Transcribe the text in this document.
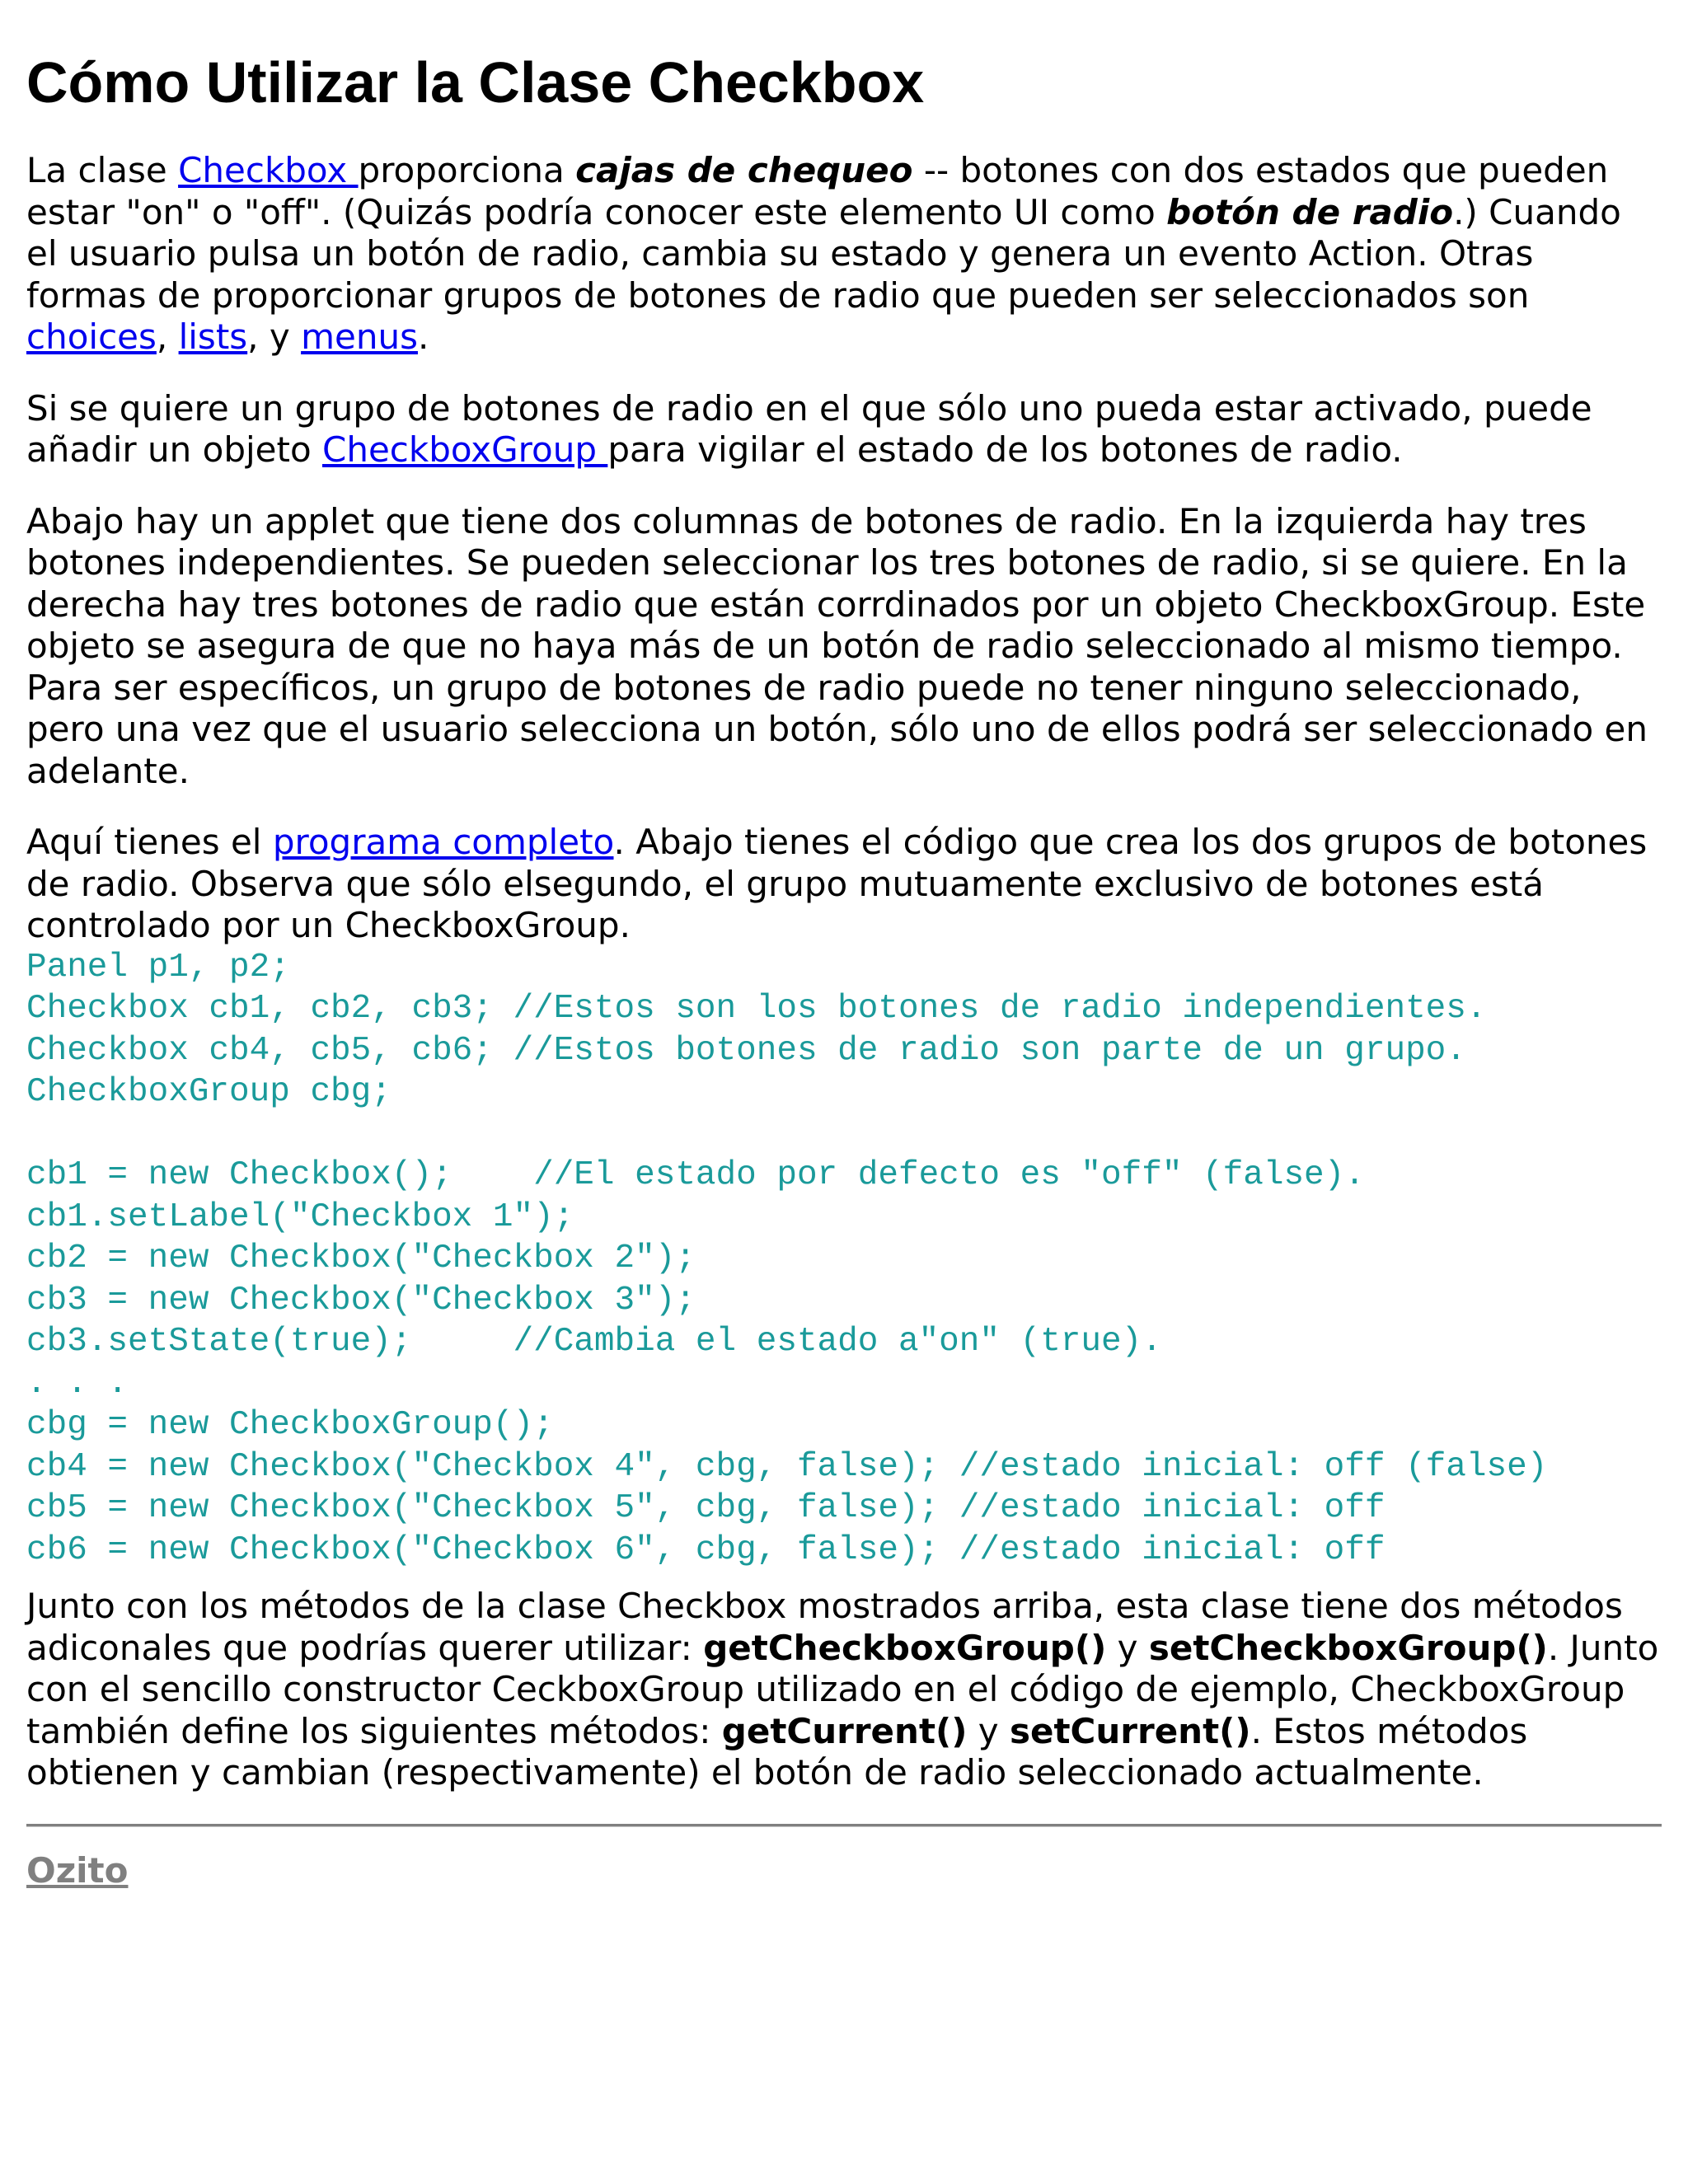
Cómo Utilizar la Clase Checkbox

La clase Checkbox proporciona cajas de chequeo -- botones con dos estados que pueden estar "on" o "off". (Quizás podría conocer este elemento UI como botón de radio.) Cuando el usuario pulsa un botón de radio, cambia su estado y genera un evento Action. Otras formas de proporcionar grupos de botones de radio que pueden ser seleccionados son choices, lists, y menus.

Si se quiere un grupo de botones de radio en el que sólo uno pueda estar activado, puede añadir un objeto CheckboxGroup para vigilar el estado de los botones de radio.

Abajo hay un applet que tiene dos columnas de botones de radio. En la izquierda hay tres botones independientes. Se pueden seleccionar los tres botones de radio, si se quiere. En la derecha hay tres botones de radio que están corrdinados por un objeto CheckboxGroup. Este objeto se asegura de que no haya más de un botón de radio seleccionado al mismo tiempo. Para ser específicos, un grupo de botones de radio puede no tener ninguno seleccionado, pero una vez que el usuario selecciona un botón, sólo uno de ellos podrá ser seleccionado en adelante.

Aquí tienes el programa completo. Abajo tienes el código que crea los dos grupos de botones de radio. Observa que sólo elsegundo, el grupo mutuamente exclusivo de botones está controlado por un CheckboxGroup.

Panel p1, p2;
Checkbox cb1, cb2, cb3; //Estos son los botones de radio independientes.
Checkbox cb4, cb5, cb6; //Estos botones de radio son parte de un grupo.
CheckboxGroup cbg;
cb1 = new Checkbox();    //El estado por defecto es "off" (false).
cb1.setLabel("Checkbox 1");
cb2 = new Checkbox("Checkbox 2");
cb3 = new Checkbox("Checkbox 3");
cb3.setState(true);     //Cambia el estado a"on" (true).
. . .
cbg = new CheckboxGroup();
cb4 = new Checkbox("Checkbox 4", cbg, false); //estado inicial: off (false)
cb5 = new Checkbox("Checkbox 5", cbg, false); //estado inicial: off
cb6 = new Checkbox("Checkbox 6", cbg, false); //estado inicial: off

Junto con los métodos de la clase Checkbox mostrados arriba, esta clase tiene dos métodos adiconales que podrías querer utilizar: getCheckboxGroup() y setCheckboxGroup(). Junto con el sencillo constructor CeckboxGroup utilizado en el código de ejemplo, CheckboxGroup también define los siguientes métodos: getCurrent() y setCurrent(). Estos métodos obtienen y cambian (respectivamente) el botón de radio seleccionado actualmente.

Ozito
